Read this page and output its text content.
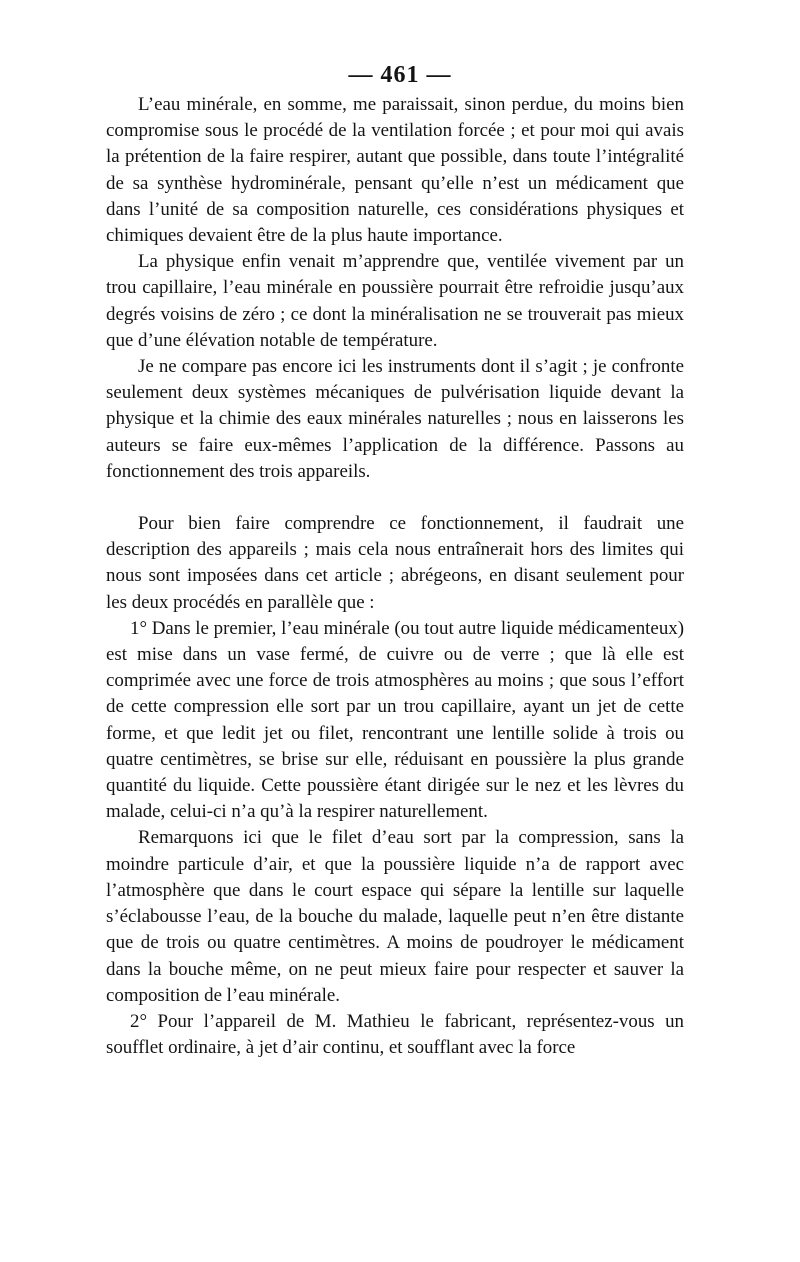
— 461 —

L’eau minérale, en somme, me paraissait, sinon perdue, du moins bien compromise sous le procédé de la ventilation forcée ; et pour moi qui avais la prétention de la faire respirer, autant que possible, dans toute l’intégralité de sa synthèse hydrominérale, pensant qu’elle n’est un médicament que dans l’unité de sa composition naturelle, ces considérations physiques et chimiques devaient être de la plus haute importance.

La physique enfin venait m’apprendre que, ventilée vivement par un trou capillaire, l’eau minérale en poussière pourrait être refroidie jusqu’aux degrés voisins de zéro ; ce dont la minéralisation ne se trouverait pas mieux que d’une élévation notable de température.

Je ne compare pas encore ici les instruments dont il s’agit ; je confronte seulement deux systèmes mécaniques de pulvérisation liquide devant la physique et la chimie des eaux minérales naturelles ; nous en laisserons les auteurs se faire eux-mêmes l’application de la différence. Passons au fonctionnement des trois appareils.

Pour bien faire comprendre ce fonctionnement, il faudrait une description des appareils ; mais cela nous entraînerait hors des limites qui nous sont imposées dans cet article ; abrégeons, en disant seulement pour les deux procédés en parallèle que :

1° Dans le premier, l’eau minérale (ou tout autre liquide médicamenteux) est mise dans un vase fermé, de cuivre ou de verre ; que là elle est comprimée avec une force de trois atmosphères au moins ; que sous l’effort de cette compression elle sort par un trou capillaire, ayant un jet de cette forme, et que ledit jet ou filet, rencontrant une lentille solide à trois ou quatre centimètres, se brise sur elle, réduisant en poussière la plus grande quantité du liquide. Cette poussière étant dirigée sur le nez et les lèvres du malade, celui-ci n’a qu’à la respirer naturellement.

Remarquons ici que le filet d’eau sort par la compression, sans la moindre particule d’air, et que la poussière liquide n’a de rapport avec l’atmosphère que dans le court espace qui sépare la lentille sur laquelle s’éclabousse l’eau, de la bouche du malade, laquelle peut n’en être distante que de trois ou quatre centimètres. A moins de poudroyer le médicament dans la bouche même, on ne peut mieux faire pour respecter et sauver la composition de l’eau minérale.

2° Pour l’appareil de M. Mathieu le fabricant, représentez-vous un soufflet ordinaire, à jet d’air continu, et soufflant avec la force
